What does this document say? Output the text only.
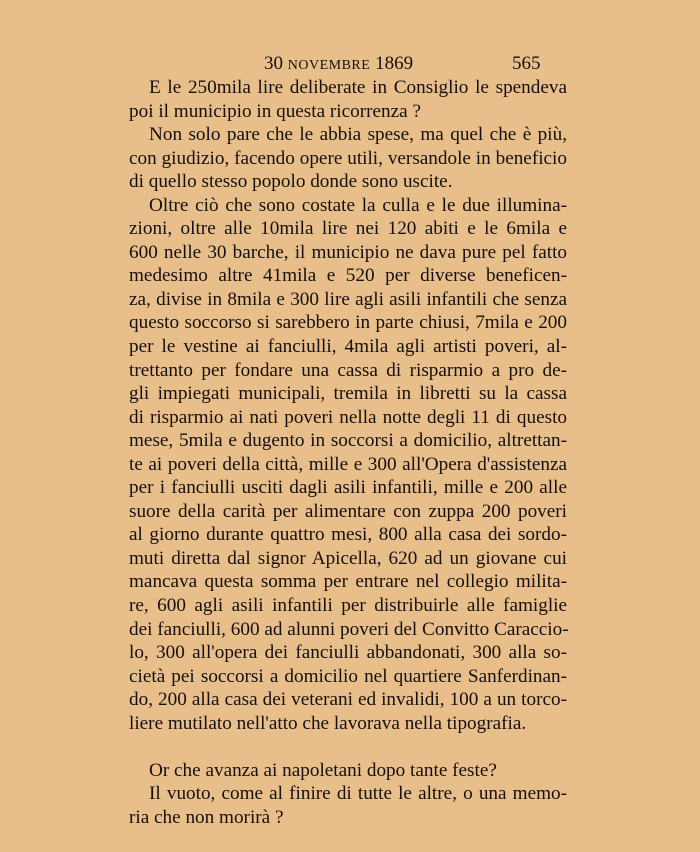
30 NOVEMBRE 1869	565
E le 250mila lire deliberate in Consiglio le spendeva
poi il municipio in questa ricorrenza ?
Non solo pare che le abbia spese, ma quel che è più,
con giudizio, facendo opere utili, versandole in beneficio
di quello stesso popolo donde sono uscite.
Oltre ciò che sono costate la culla e le due illumina-
zioni, oltre alle 10mila lire nei 120 abiti e le 6mila e
600 nelle 30 barche, il municipio ne dava pure pel fatto
medesimo altre 41mila e 520 per diverse beneficen-
za, divise in 8mila e 300 lire agli asili infantili che senza
questo soccorso si sarebbero in parte chiusi, 7mila e 200
per le vestine ai fanciulli, 4mila agli artisti poveri, al-
trettanto per fondare una cassa di risparmio a pro de-
gli impiegati municipali, tremila in libretti su la cassa
di risparmio ai nati poveri nella notte degli 11 di questo
mese, 5mila e dugento in soccorsi a domicilio, altrettan-
te ai poveri della città, mille e 300 all'Opera d'assistenza
per i fanciulli usciti dagli asili infantili, mille e 200 alle
suore della carità per alimentare con zuppa 200 poveri
al giorno durante quattro mesi, 800 alla casa dei sordo-
muti diretta dal signor Apicella, 620 ad un giovane cui
mancava questa somma per entrare nel collegio milita-
re, 600 agli asili infantili per distribuirle alle famiglie
dei fanciulli, 600 ad alunni poveri del Convitto Caraccio-
lo, 300 all'opera dei fanciulli abbandonati, 300 alla so-
cietà pei soccorsi a domicilio nel quartiere Sanferdinan-
do, 200 alla casa dei veterani ed invalidi, 100 a un torco-
liere mutilato nell'atto che lavorava nella tipografia.
Or che avanza ai napoletani dopo tante feste?
Il vuoto, come al finire di tutte le altre, o una memo-
ria che non morirà ?
